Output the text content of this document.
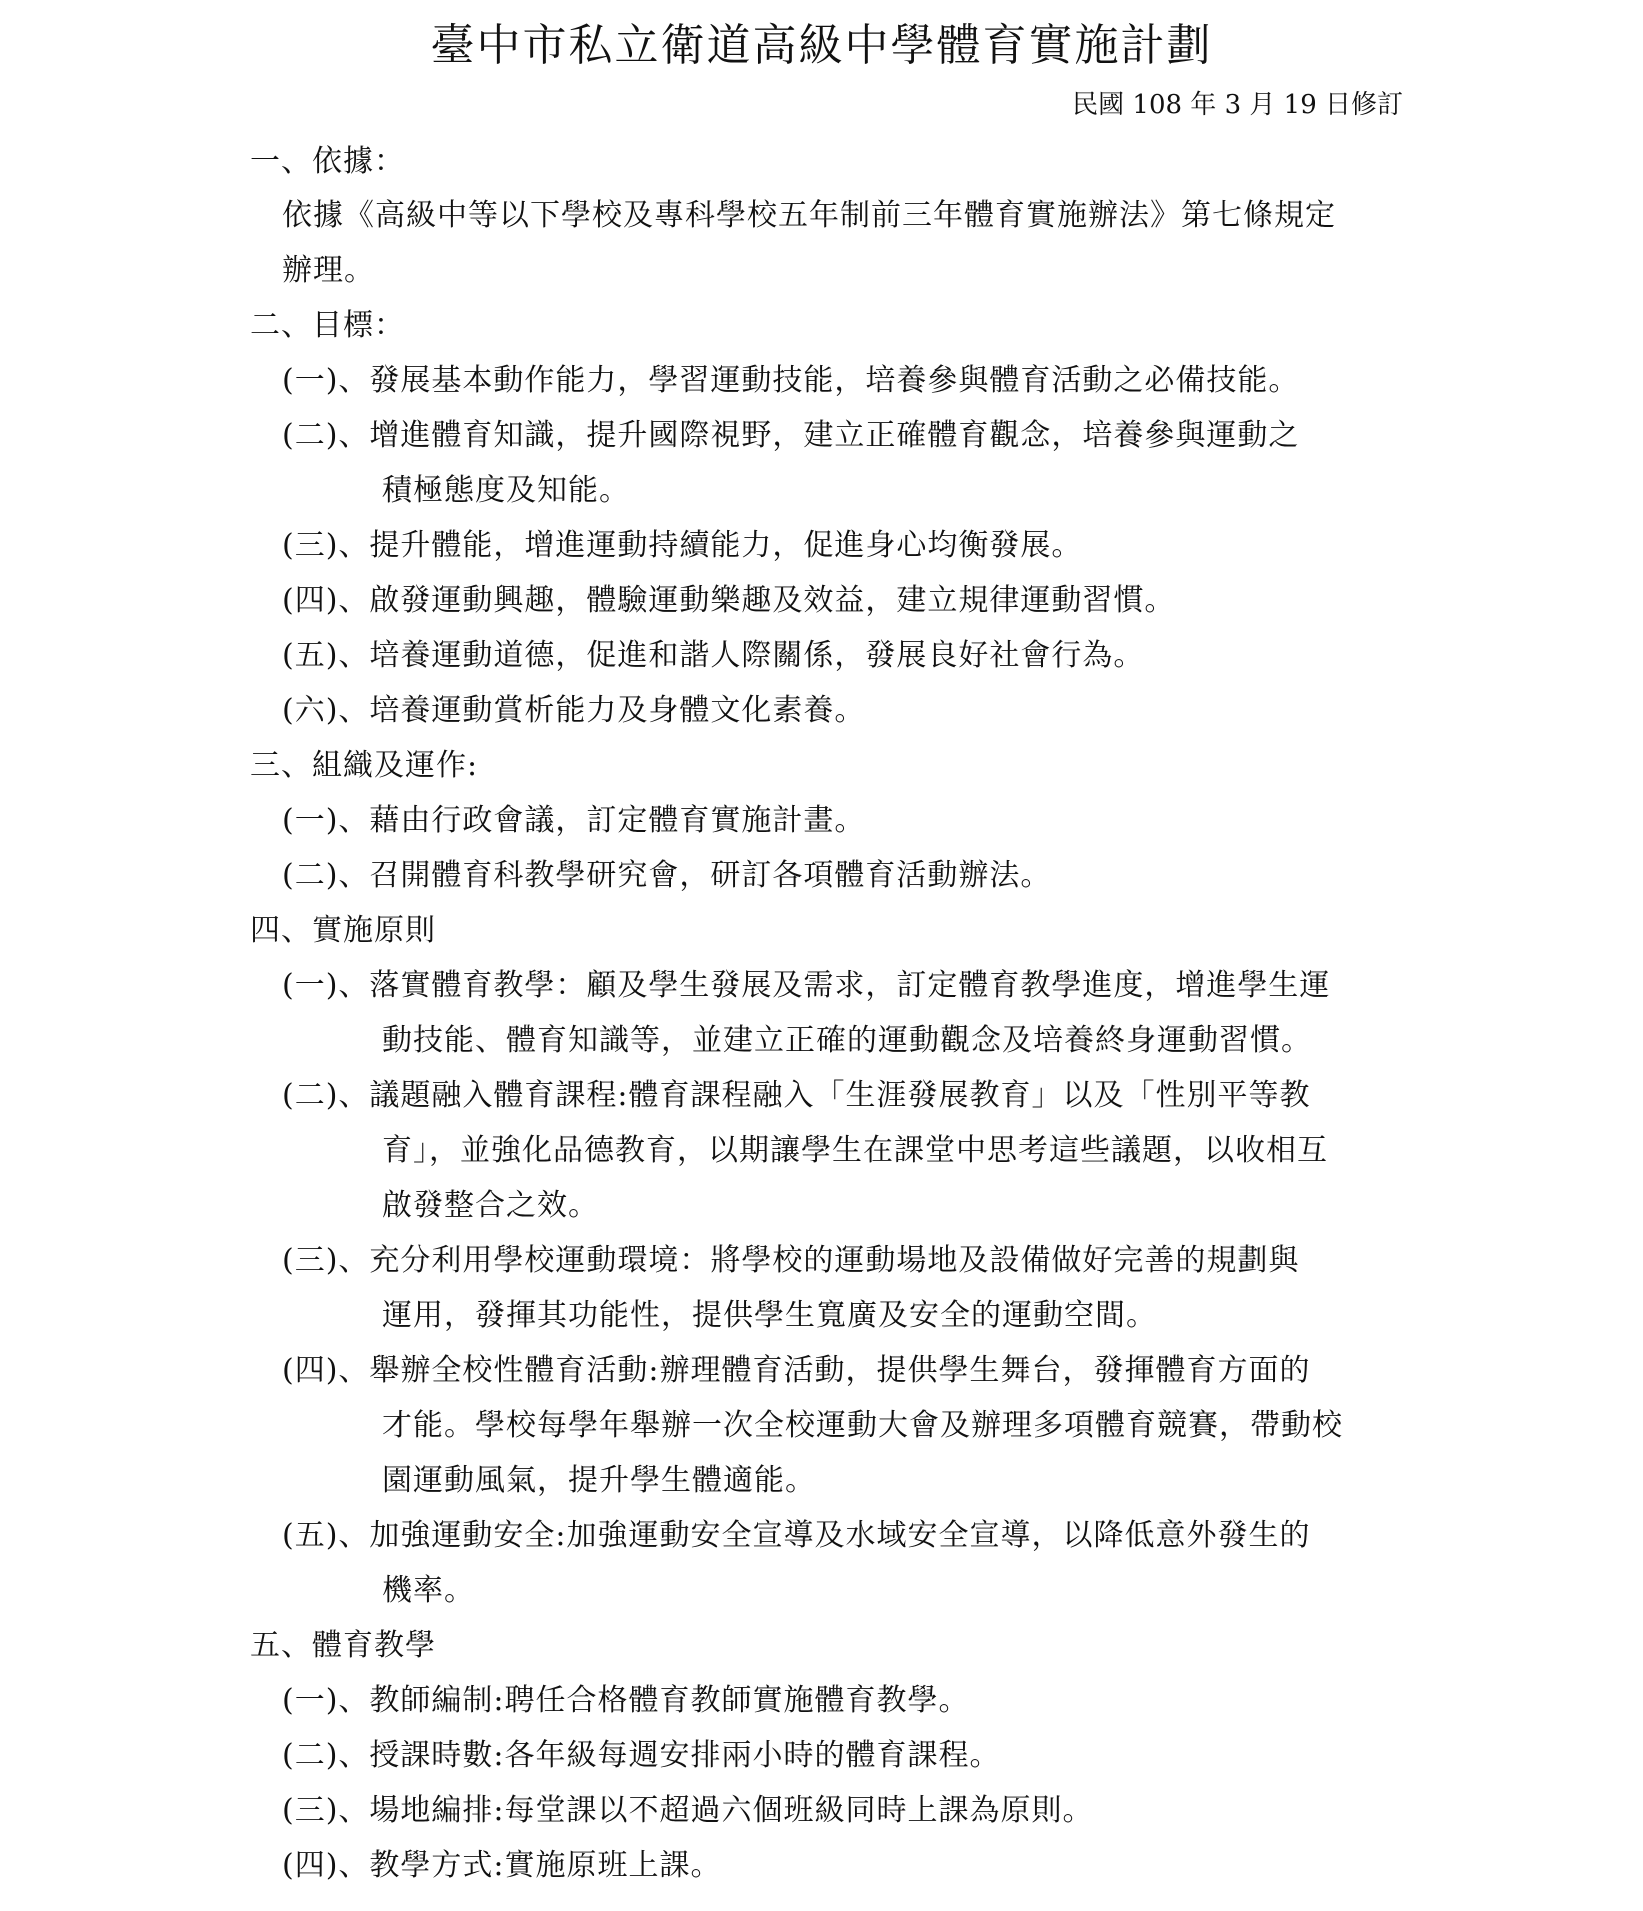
臺中市私立衛道高級中學體育實施計劃
民國 108 年 3 月 19 日修訂
一、依據：
依據《高級中等以下學校及專科學校五年制前三年體育實施辦法》第七條規定
辦理。
二、目標：
(一)、發展基本動作能力，學習運動技能，培養參與體育活動之必備技能。
(二)、增進體育知識，提升國際視野，建立正確體育觀念，培養參與運動之
積極態度及知能。
(三)、提升體能，增進運動持續能力，促進身心均衡發展。
(四)、啟發運動興趣，體驗運動樂趣及效益，建立規律運動習慣。
(五)、培養運動道德，促進和諧人際關係，發展良好社會行為。
(六)、培養運動賞析能力及身體文化素養。
三、組織及運作:
(一)、藉由行政會議，訂定體育實施計畫。
(二)、召開體育科教學研究會，研訂各項體育活動辦法。
四、實施原則
(一)、落實體育教學：顧及學生發展及需求，訂定體育教學進度，增進學生運
動技能、體育知識等，並建立正確的運動觀念及培養終身運動習慣。
(二)、議題融入體育課程:體育課程融入「生涯發展教育」以及「性別平等教
育」，並強化品德教育，以期讓學生在課堂中思考這些議題，以收相互
啟發整合之效。
(三)、充分利用學校運動環境：將學校的運動場地及設備做好完善的規劃與
運用，發揮其功能性，提供學生寬廣及安全的運動空間。
(四)、舉辦全校性體育活動:辦理體育活動，提供學生舞台，發揮體育方面的
才能。學校每學年舉辦一次全校運動大會及辦理多項體育競賽，帶動校
園運動風氣，提升學生體適能。
(五)、加強運動安全:加強運動安全宣導及水域安全宣導，以降低意外發生的
機率。
五、體育教學
(一)、教師編制:聘任合格體育教師實施體育教學。
(二)、授課時數:各年級每週安排兩小時的體育課程。
(三)、場地編排:每堂課以不超過六個班級同時上課為原則。
(四)、教學方式:實施原班上課。
